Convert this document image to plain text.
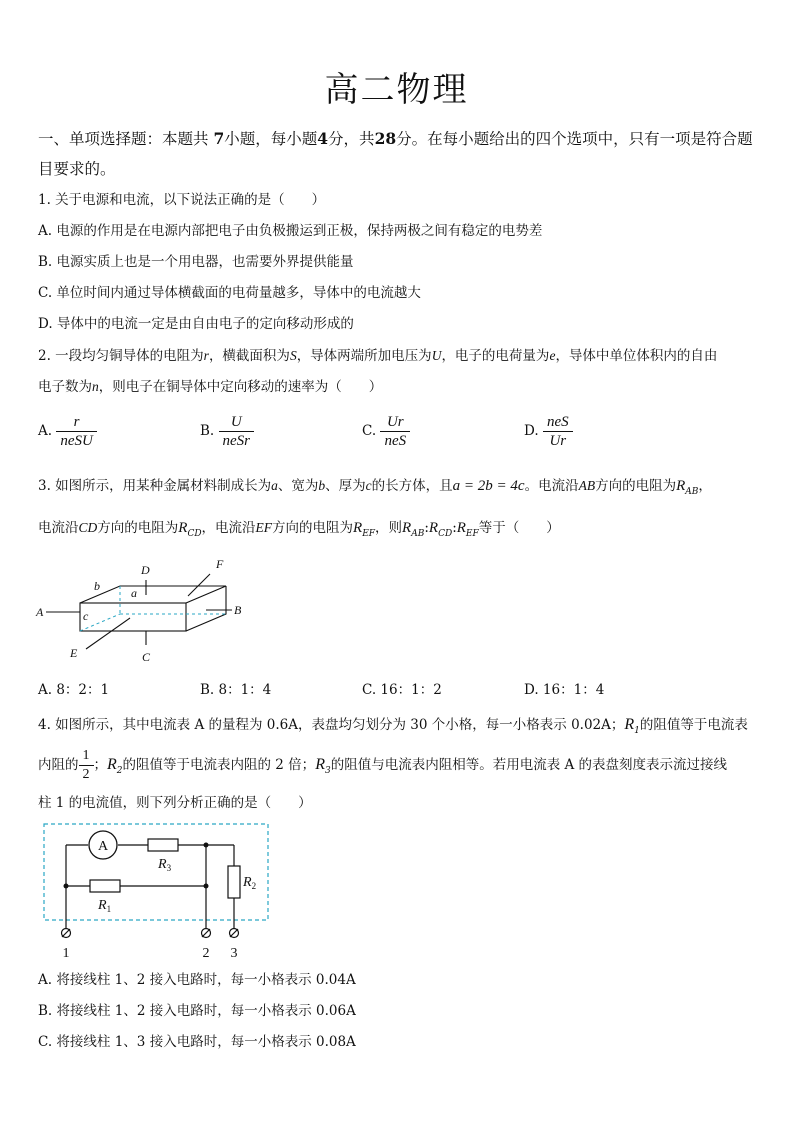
高二物理
一、单项选择题：本题共 7小题，每小题4分，共28分。在每小题给出的四个选项中，只有一项是符合题目要求的。
1. 关于电源和电流，以下说法正确的是（　　）
A. 电源的作用是在电源内部把电子由负极搬运到正极，保持两极之间有稳定的电势差
B. 电源实质上也是一个用电器，也需要外界提供能量
C. 单位时间内通过导体横截面的电荷量越多，导体中的电流越大
D. 导体中的电流一定是由自由电子的定向移动形成的
2. 一段均匀铜导体的电阻为r，横截面积为S，导体两端所加电压为U，电子的电荷量为e，导体中单位体积内的自由
电子数为n，则电子在铜导体中定向移动的速率为（　　）
A. $\frac{r}{\text{neSU}}$	B. $\frac{U}{\text{neSr}}$	C. $\frac{Ur}{\text{neS}}$	D. $\frac{\text{neS}}{Ur}$
3. 如图所示，用某种金属材料制成长为a、宽为b、厚为c的长方体，且a = 2b = 4c。电流沿AB方向的电阻为$R_{AB}$，
电流沿CD方向的电阻为$R_{CD}$，电流沿EF方向的电阻为$R_{EF}$，则$R_{AB}:R_{CD}:R_{EF}$等于（　　）
A	B
C
D
E
F
a
b
c
A. 8：2：1	B. 8：1：4	C. 16：1：2	D. 16：1：4
4. 如图所示，其中电流表 A 的量程为 0.6A，表盘均匀划分为 30 个小格，每一小格表示 0.02A；$R_1$的阻值等于电流表
内阻的 $\frac{1}{2}$ ；$R_2$的阻值等于电流表内阻的 2 倍；$R_3$的阻值与电流表内阻相等。若用电流表 A 的表盘刻度表示流过接线
柱 1 的电流值，则下列分析正确的是（　　）
A
$R_3$
$R_1$
$R_2$
1	2 3
A. 将接线柱 1、2 接入电路时，每一小格表示 0.04A
B. 将接线柱 1、2 接入电路时，每一小格表示 0.06A
C. 将接线柱 1、3 接入电路时，每一小格表示 0.08A
